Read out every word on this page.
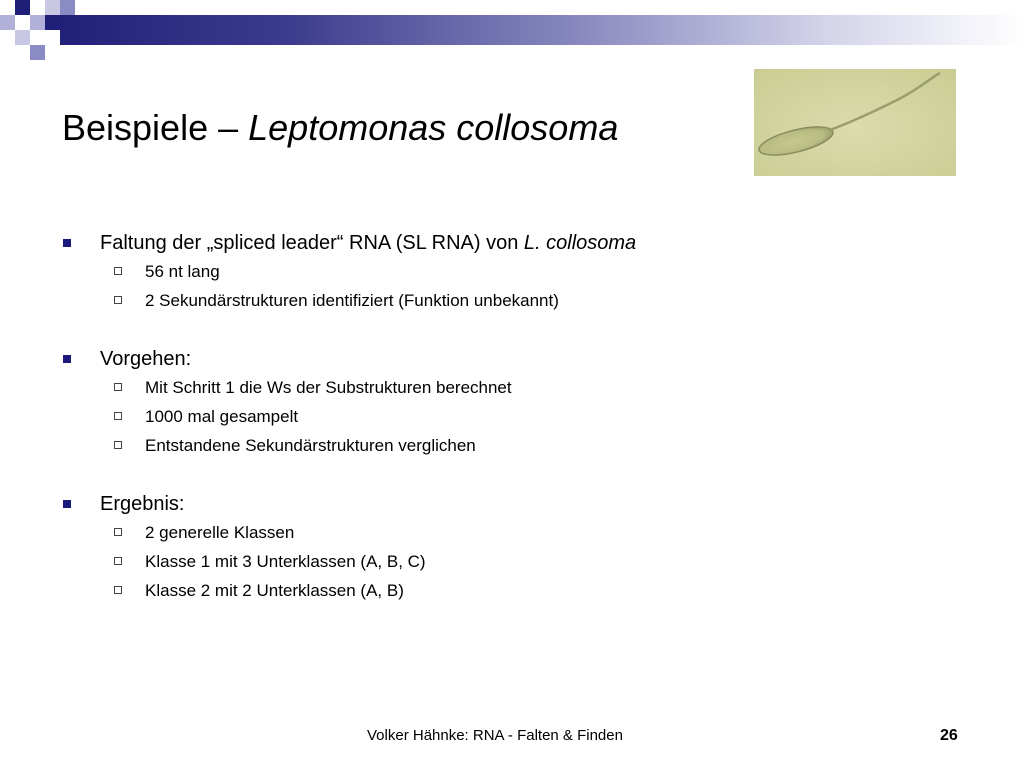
Beispiele – Leptomonas collosoma
Faltung der „spliced leader“ RNA (SL RNA) von L. collosoma
56 nt lang
2 Sekundärstrukturen identifiziert (Funktion unbekannt)
Vorgehen:
Mit Schritt 1 die Ws der Substrukturen berechnet
1000 mal gesampelt
Entstandene Sekundärstrukturen verglichen
Ergebnis:
2 generelle Klassen
Klasse 1 mit 3 Unterklassen (A, B, C)
Klasse 2 mit 2 Unterklassen (A, B)
Volker Hähnke: RNA - Falten & Finden	26
